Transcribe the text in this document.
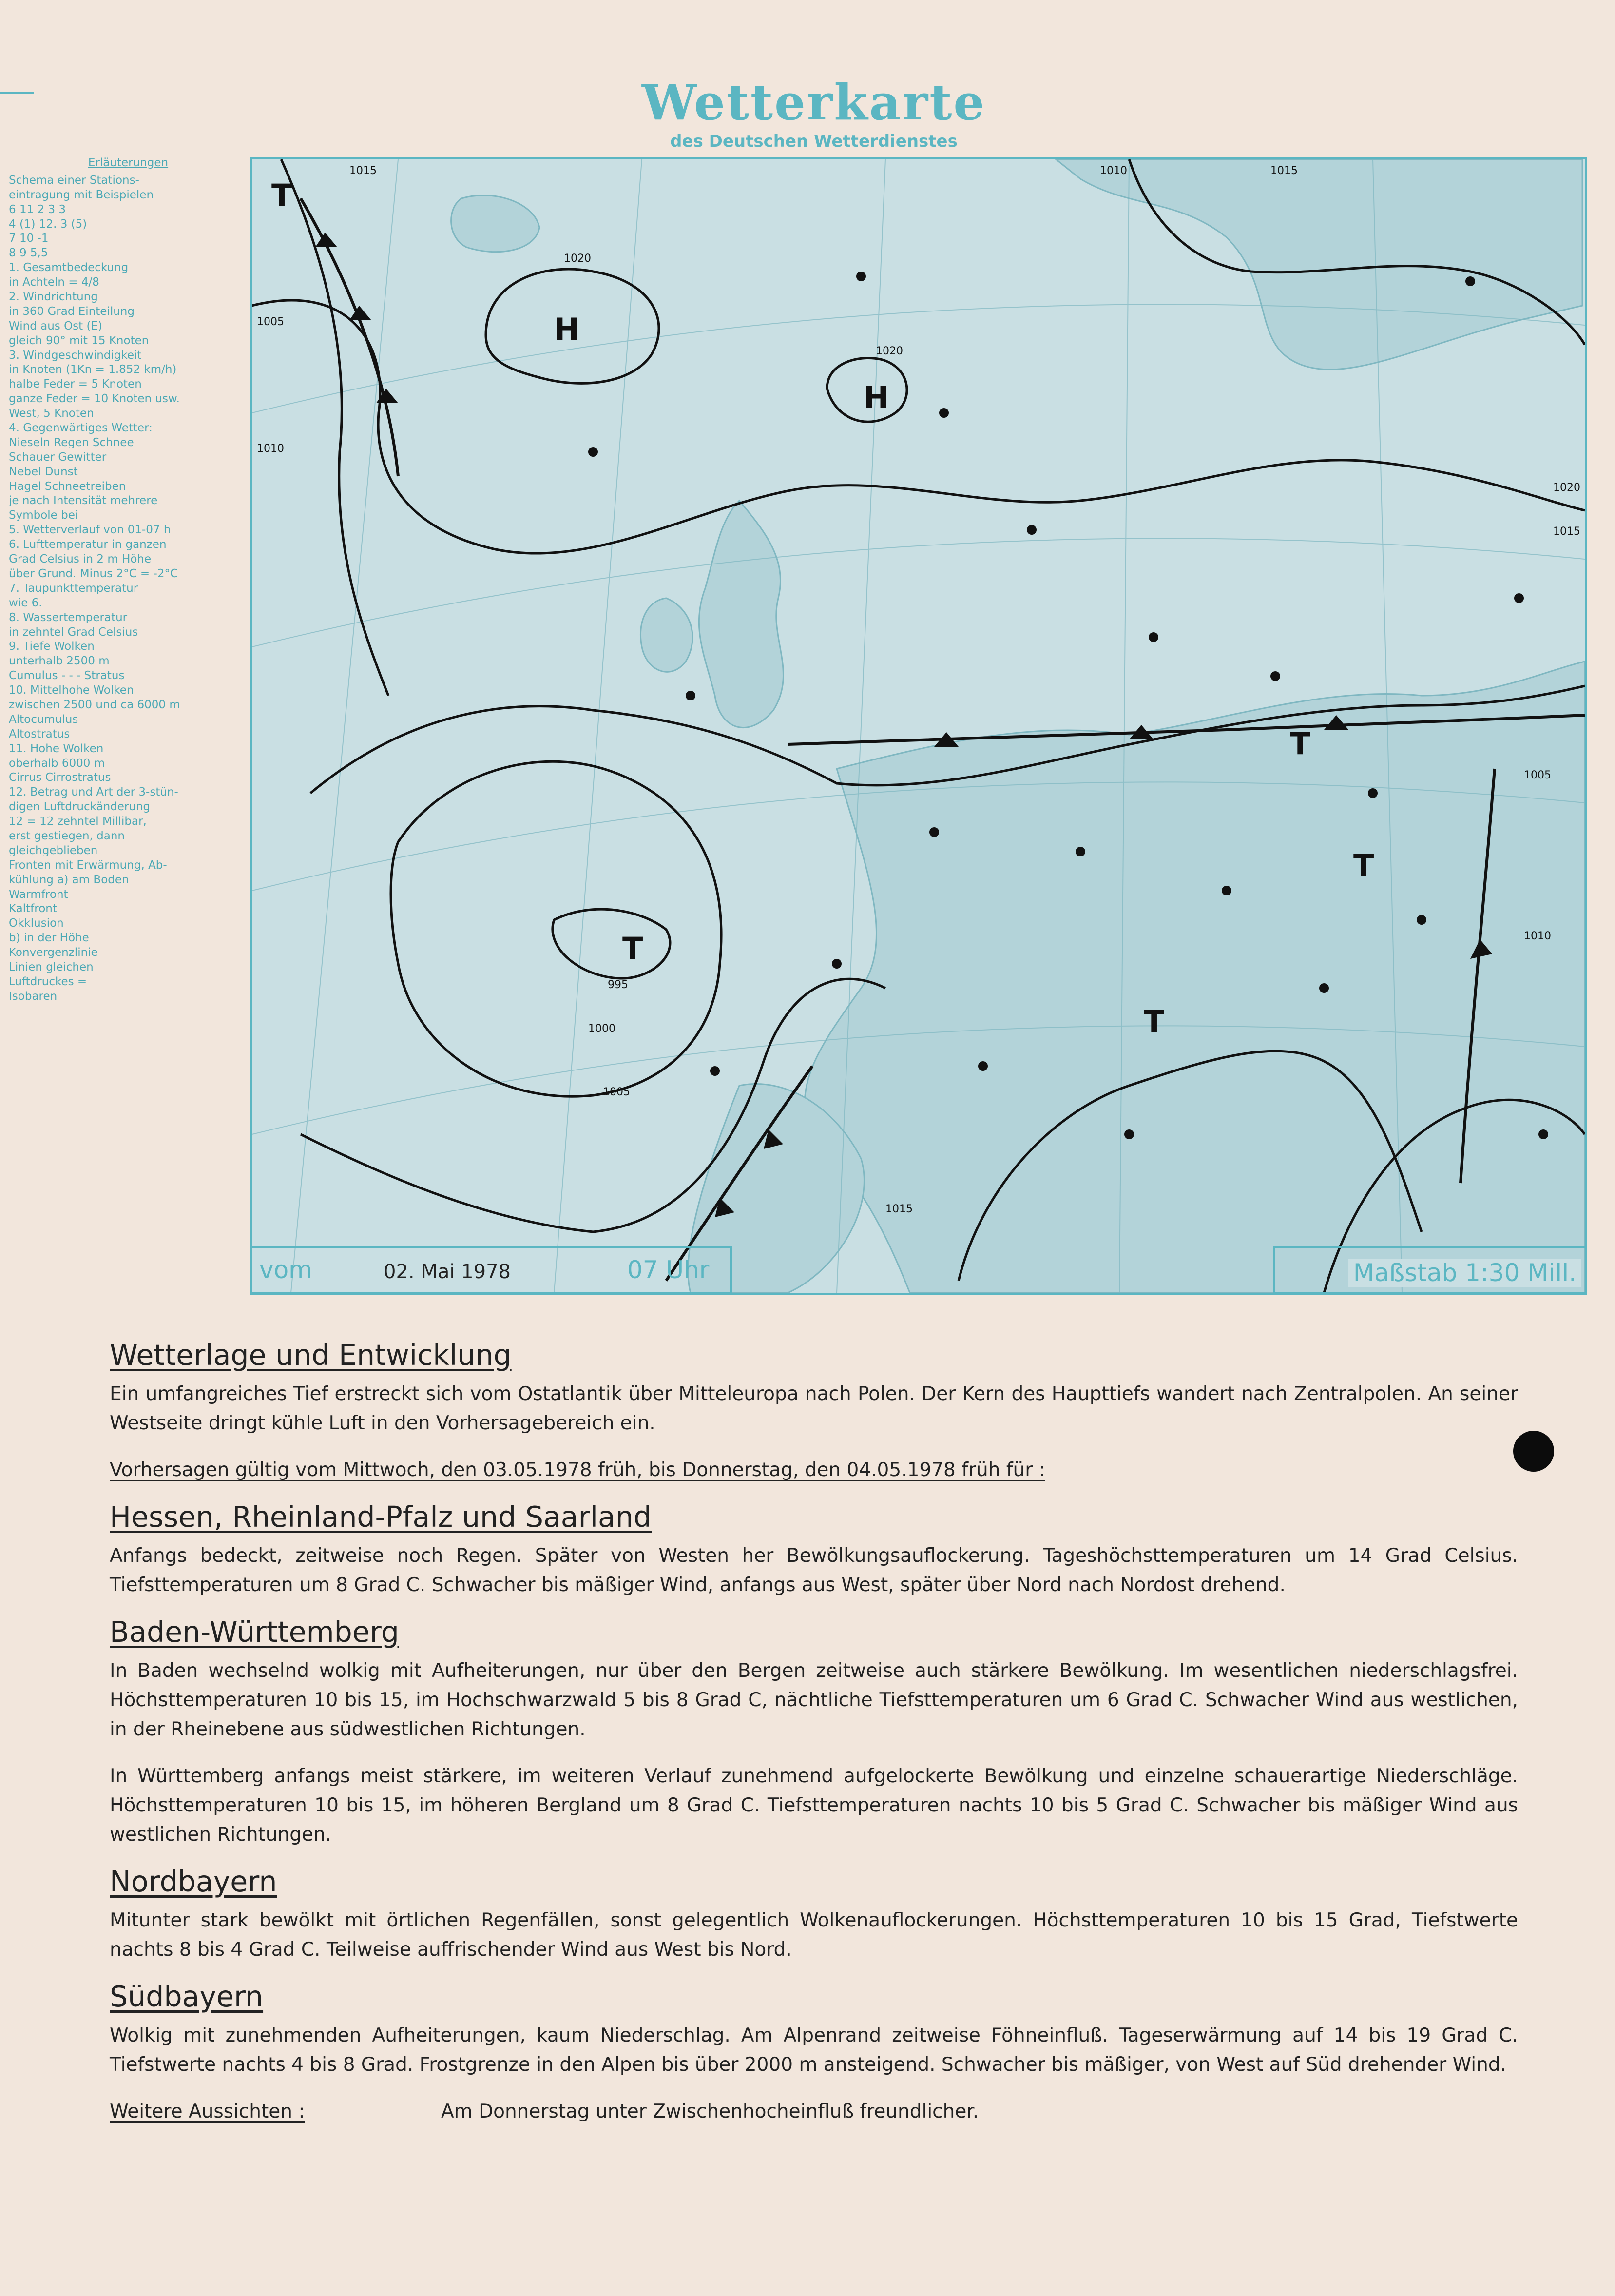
Wetterkarte
des Deutschen Wetterdienstes
Erläuterungen
Schema einer Stations-
eintragung mit Beispielen
6 11 2 3 3
4 (1) 12. 3 (5)
7 10 -1
8 9 5,5
1. Gesamtbedeckung
in Achteln = 4/8
2. Windrichtung
in 360 Grad Einteilung
Wind aus Ost (E)
gleich 90° mit 15 Knoten
3. Windgeschwindigkeit
in Knoten (1Kn = 1.852 km/h)
halbe Feder = 5 Knoten
ganze Feder = 10 Knoten usw.
West, 5 Knoten
4. Gegenwärtiges Wetter:
Nieseln Regen Schnee
Schauer Gewitter
Nebel Dunst
Hagel Schneetreiben
je nach Intensität mehrere
Symbole bei
5. Wetterverlauf von 01-07 h
6. Lufttemperatur in ganzen
Grad Celsius in 2 m Höhe
über Grund. Minus 2°C = -2°C
7. Taupunkttemperatur
wie 6.
8. Wassertemperatur
in zehntel Grad Celsius
9. Tiefe Wolken
unterhalb 2500 m
Cumulus - - - Stratus
10. Mittelhohe Wolken
zwischen 2500 und ca 6000 m
Altocumulus
Altostratus
11. Hohe Wolken
oberhalb 6000 m
Cirrus Cirrostratus
12. Betrag und Art der 3-stün-
digen Luftdruckänderung
12 = 12 zehntel Millibar,
erst gestiegen, dann
gleichgeblieben
Fronten mit Erwärmung, Ab-
kühlung a) am Boden
Warmfront
Kaltfront
Okklusion
b) in der Höhe
Konvergenzlinie
Linien gleichen
Luftdruckes =
Isobaren
H
H
T
T
T
T
T
1020
1020
1015	1015
1010
1010
1005
1005
1000
995
1015
1005
1010
1015
1020
vom	02. Mai 1978	07 Uhr	Maßstab 1:30 Mill.
Wetterlage und Entwicklung

Ein umfangreiches Tief erstreckt sich vom Ostatlantik über Mitteleuropa nach Polen. Der Kern des Haupttiefs wandert nach Zentralpolen. An seiner Westseite dringt kühle Luft in den Vorhersagebereich ein.

Vorhersagen gültig vom Mittwoch, den 03.05.1978 früh, bis Donnerstag, den 04.05.1978 früh für :
Hessen, Rheinland-Pfalz und Saarland

Anfangs bedeckt, zeitweise noch Regen. Später von Westen her Bewölkungsauflockerung. Tageshöchsttemperaturen um 14 Grad Celsius. Tiefsttemperaturen um 8 Grad C. Schwacher bis mäßiger Wind, anfangs aus West, später über Nord nach Nordost drehend.

Baden-Württemberg

In Baden wechselnd wolkig mit Aufheiterungen, nur über den Bergen zeitweise auch stärkere Bewölkung. Im wesentlichen niederschlagsfrei. Höchsttemperaturen 10 bis 15, im Hochschwarzwald 5 bis 8 Grad C, nächtliche Tiefsttemperaturen um 6 Grad C. Schwacher Wind aus westlichen, in der Rheinebene aus südwestlichen Richtungen.

In Württemberg anfangs meist stärkere, im weiteren Verlauf zunehmend aufgelockerte Bewölkung und einzelne schauerartige Niederschläge. Höchsttemperaturen 10 bis 15, im höheren Bergland um 8 Grad C. Tiefsttemperaturen nachts 10 bis 5 Grad C. Schwacher bis mäßiger Wind aus westlichen Richtungen.

Nordbayern

Mitunter stark bewölkt mit örtlichen Regenfällen, sonst gelegentlich Wolkenauflockerungen. Höchsttemperaturen 10 bis 15 Grad, Tiefstwerte nachts 8 bis 4 Grad C. Teilweise auffrischender Wind aus West bis Nord.

Südbayern

Wolkig mit zunehmenden Aufheiterungen, kaum Niederschlag. Am Alpenrand zeitweise Föhneinfluß. Tageserwärmung auf 14 bis 19 Grad C. Tiefstwerte nachts 4 bis 8 Grad. Frostgrenze in den Alpen bis über 2000 m ansteigend. Schwacher bis mäßiger, von West auf Süd drehender Wind.

Weitere Aussichten :	Am Donnerstag unter Zwischenhocheinfluß freundlicher.
